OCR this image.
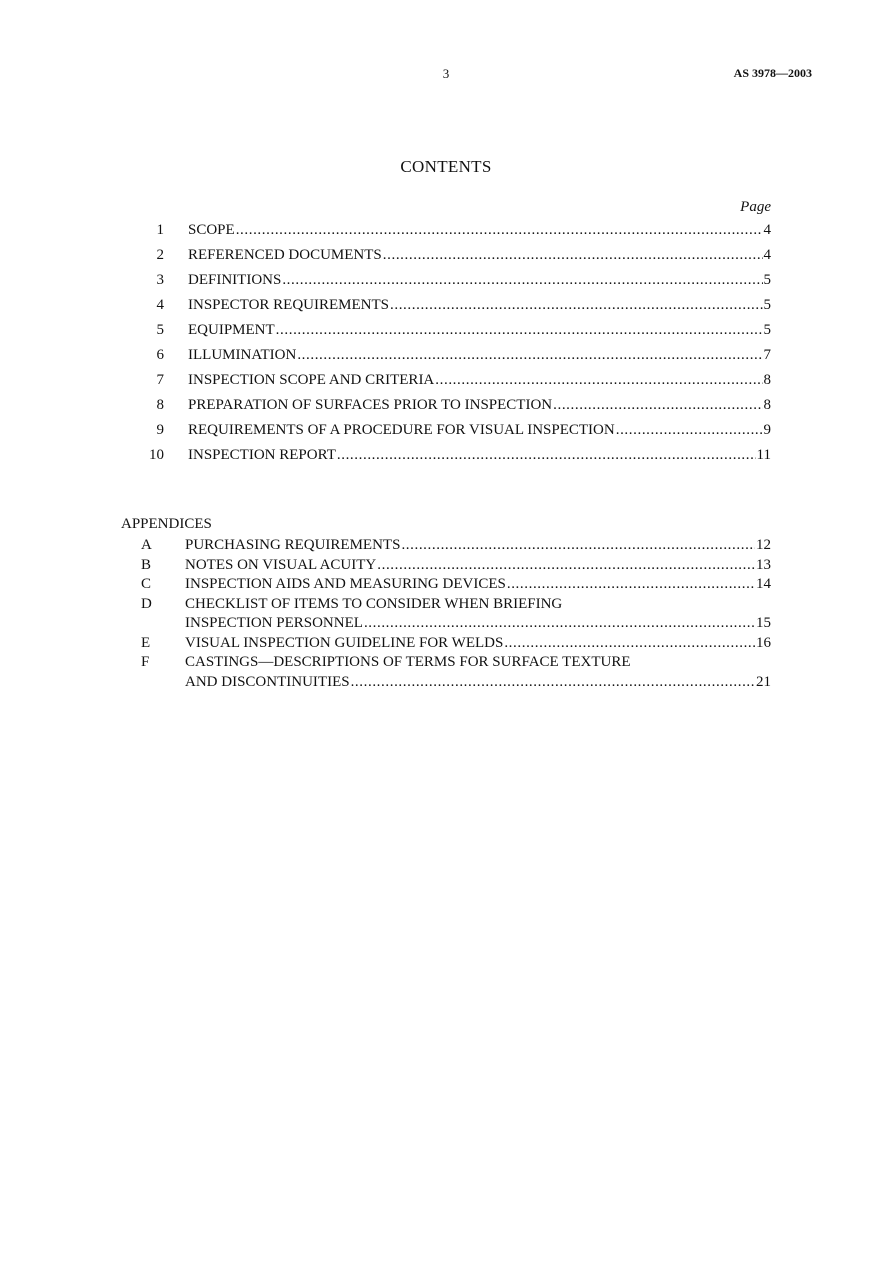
3	AS 3978—2003
CONTENTS
Page
1 SCOPE .....	4
2 REFERENCED DOCUMENTS .....	4
3 DEFINITIONS .....	5
4 INSPECTOR REQUIREMENTS .....	5
5 EQUIPMENT .....	5
6 ILLUMINATION .....	7
7 INSPECTION SCOPE AND CRITERIA .....	8
8 PREPARATION OF SURFACES PRIOR TO INSPECTION .....	8
9 REQUIREMENTS OF A PROCEDURE FOR VISUAL INSPECTION .....	9
10 INSPECTION REPORT .....	11
APPENDICES
A	PURCHASING REQUIREMENTS .....	12
B	NOTES ON VISUAL ACUITY .....	13
C	INSPECTION AIDS AND MEASURING DEVICES .....	14
D	CHECKLIST OF ITEMS TO CONSIDER WHEN BRIEFING
INSPECTION PERSONNEL .....	15
E	VISUAL INSPECTION GUIDELINE FOR WELDS .....	16
F	CASTINGS—DESCRIPTIONS OF TERMS FOR SURFACE TEXTURE
AND DISCONTINUITIES .....	21
